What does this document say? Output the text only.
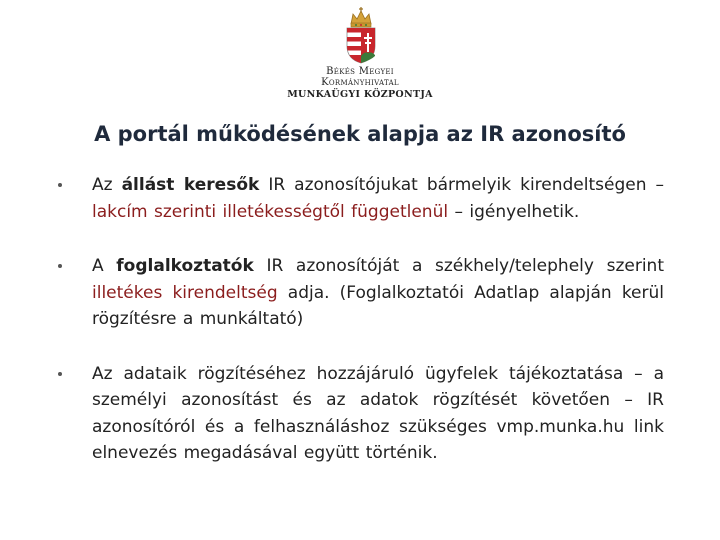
Békés Megyei
Kormányhivatal
MUNKAÜGYI KÖZPONTJA
A portál működésének alapja az IR azonosító

Az állást keresők IR azonosítójukat bármelyik kirendeltségen – lakcím szerinti illetékességtől függetlenül – igényelhetik.

A foglalkoztatók IR azonosítóját a székhely/telephely szerint illetékes kirendeltség adja. (Foglalkoztatói Adatlap alapján kerül rögzítésre a munkáltató)

Az adataik rögzítéséhez hozzájáruló ügyfelek tájékoztatása – a személyi azonosítást és az adatok rögzítését követően – IR azonosítóról és a felhasználáshoz szükséges vmp.munka.hu link elnevezés megadásával együtt történik.
